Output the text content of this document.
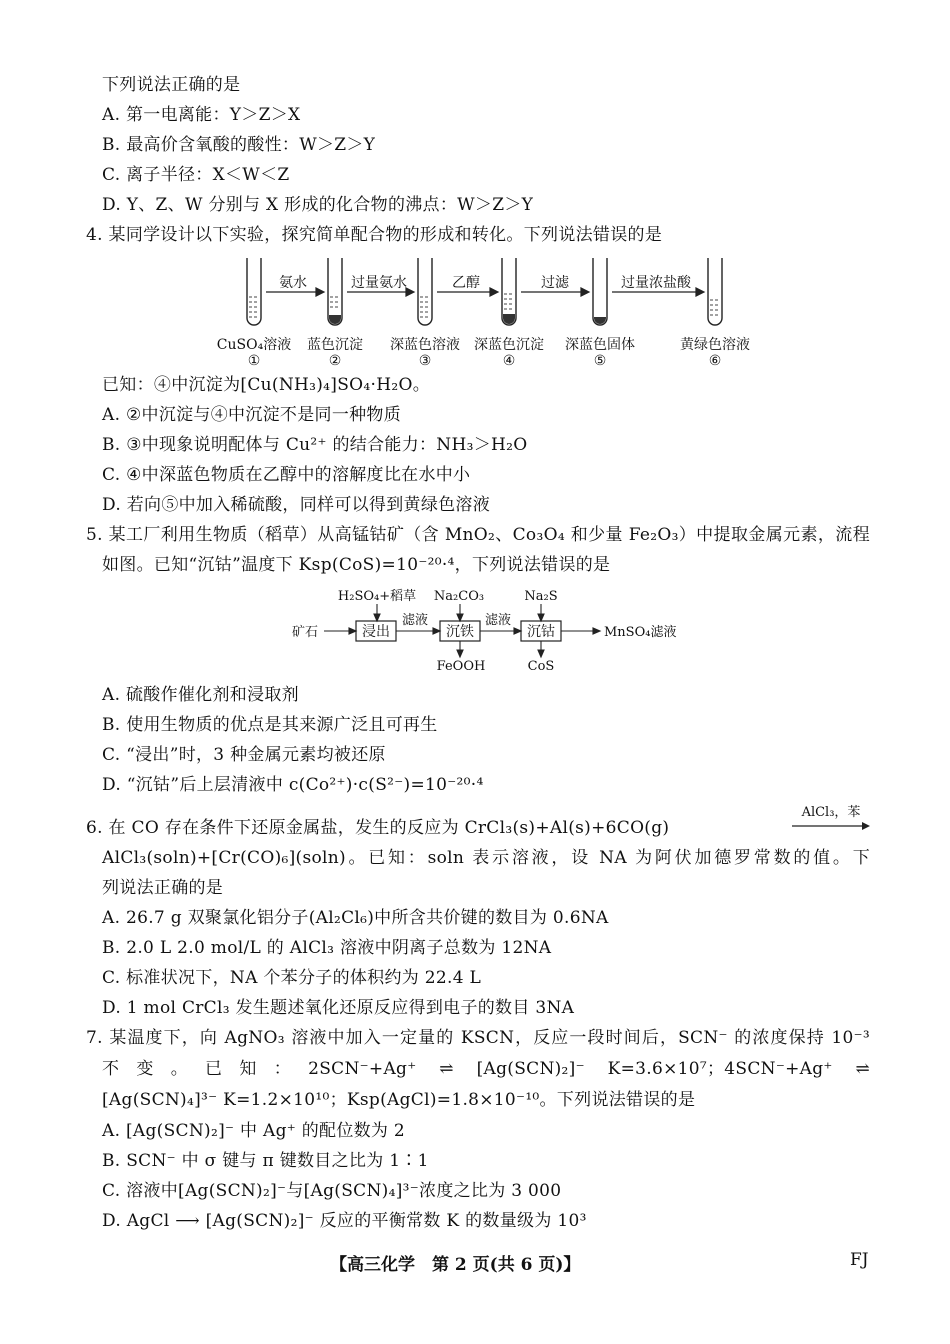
下列说法正确的是
A. 第一电离能：Y＞Z＞X
B. 最高价含氧酸的酸性：W＞Z＞Y
C. 离子半径：X＜W＜Z
D. Y、Z、W 分别与 X 形成的化合物的沸点：W＞Z＞Y
4. 某同学设计以下实验，探究简单配合物的形成和转化。下列说法错误的是
氨水	过量氨水	乙醇	过滤	过量浓盐酸
CuSO₄溶液 蓝色沉淀 深蓝色溶液 深蓝色沉淀 深蓝色固体	黄绿色溶液
①	②	③	④	⑤	⑥
已知：④中沉淀为[Cu(NH₃)₄]SO₄·H₂O。
A. ②中沉淀与④中沉淀不是同一种物质
B. ③中现象说明配体与 Cu²⁺ 的结合能力：NH₃＞H₂O
C. ④中深蓝色物质在乙醇中的溶解度比在水中小
D. 若向⑤中加入稀硫酸，同样可以得到黄绿色溶液
5. 某工厂利用生物质（稻草）从高锰钴矿（含 MnO₂、Co₃O₄ 和少量 Fe₂O₃）中提取金属元素，流程
如图。已知“沉钴”温度下 Ksp(CoS)=10⁻²⁰·⁴，下列说法错误的是
矿石
H₂SO₄+稻草 Na₂CO₃	Na₂S
滤液	滤液
FeOOH	CoS
MnSO₄滤液
浸出	沉铁	沉钴
A. 硫酸作催化剂和浸取剂
B. 使用生物质的优点是其来源广泛且可再生
C. “浸出”时，3 种金属元素均被还原
D. “沉钴”后上层清液中 c(Co²⁺)·c(S²⁻)=10⁻²⁰·⁴
AlCl₃，苯
6. 在 CO 存在条件下还原金属盐，发生的反应为 CrCl₃(s)+Al(s)+6CO(g)
AlCl₃(soln)+[Cr(CO)₆](soln)。已知：soln 表示溶液，设 NA 为阿伏加德罗常数的值。下
列说法正确的是
A. 26.7 g 双聚氯化铝分子(Al₂Cl₆)中所含共价键的数目为 0.6NA
B. 2.0 L 2.0 mol/L 的 AlCl₃ 溶液中阴离子总数为 12NA
C. 标准状况下，NA 个苯分子的体积约为 22.4 L
D. 1 mol CrCl₃ 发生题述氧化还原反应得到电子的数目 3NA
7. 某温度下，向 AgNO₃ 溶液中加入一定量的 KSCN，反应一段时间后，SCN⁻ 的浓度保持 10⁻³
不变。已知：2SCN⁻+Ag⁺ ⇌ [Ag(SCN)₂]⁻ K=3.6×10⁷；4SCN⁻+Ag⁺ ⇌
[Ag(SCN)₄]³⁻ K=1.2×10¹⁰；Ksp(AgCl)=1.8×10⁻¹⁰。下列说法错误的是
A. [Ag(SCN)₂]⁻ 中 Ag⁺ 的配位数为 2
B. SCN⁻ 中 σ 键与 π 键数目之比为 1∶1
C. 溶液中[Ag(SCN)₂]⁻与[Ag(SCN)₄]³⁻浓度之比为 3 000
D. AgCl ⟶ [Ag(SCN)₂]⁻ 反应的平衡常数 K 的数量级为 10³
【高三化学　第 2 页(共 6 页)】	FJ
